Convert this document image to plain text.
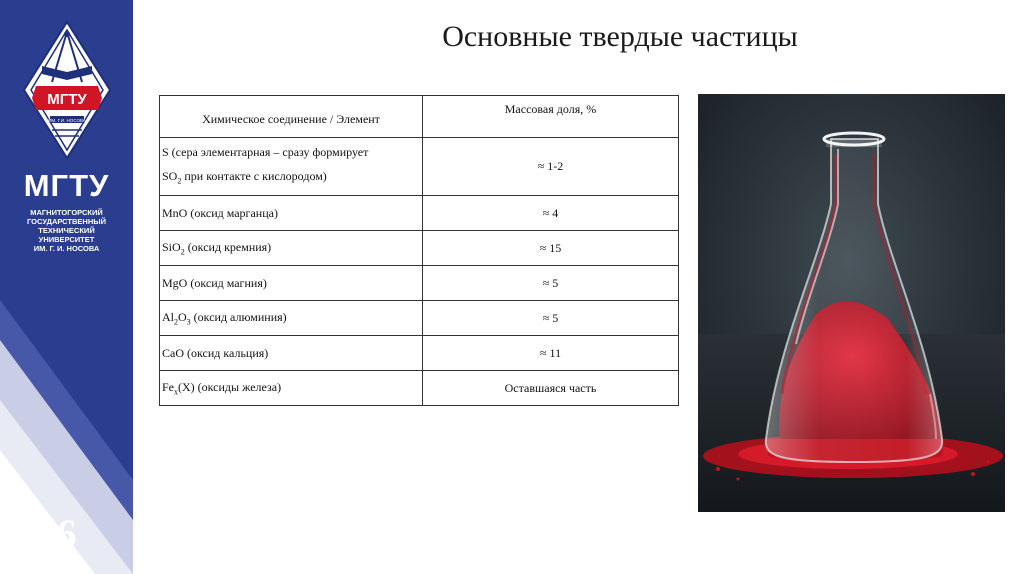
МГТУ
ИМ. Г.И. НОСОВА
МГТУ
МАГНИТОГОРСКИЙ
ГОСУДАРСТВЕННЫЙ
ТЕХНИЧЕСКИЙ
УНИВЕРСИТЕТ
ИМ. Г. И. НОСОВА
6
Основные твердые частицы
Химическое соединение / Элемент	Массовая доля, %

S (сера элементарная – сразу формирует
$SO_2$ при контакте с кислородом)	≈ 1-2
MnO (оксид марганца)	≈ 4
SiO$_2$ (оксид кремния)	≈ 15
MgO (оксид магния)	≈ 5
$Al_2O_3$ (оксид алюминия)	≈ 5
CaO (оксид кальция)	≈ 11
$Fe_x(X)$ (оксиды железа)	Оставшаяся часть
